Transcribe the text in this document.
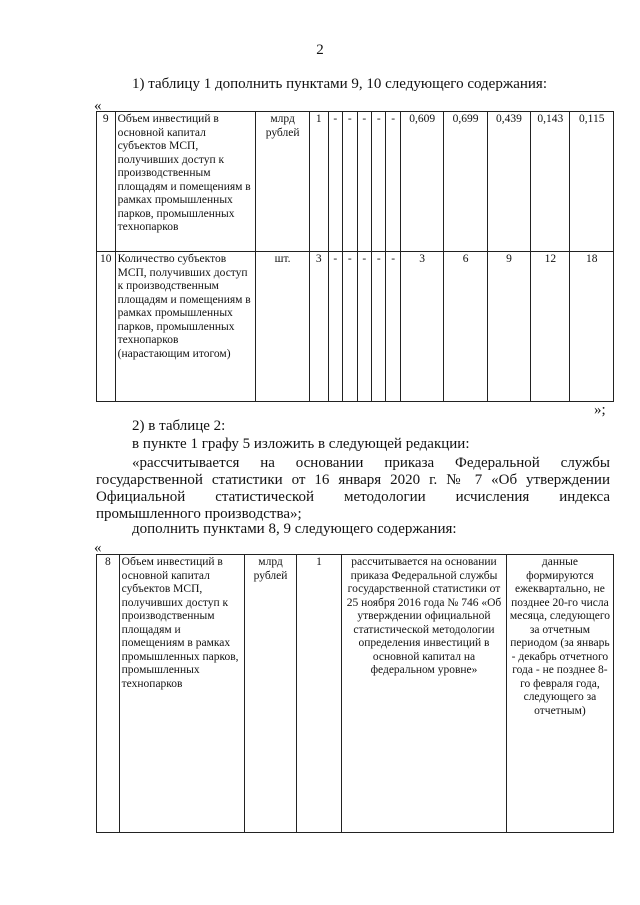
2
1) таблицу 1 дополнить пунктами 9, 10 следующего содержания:
«
9	Объем инвестиций в основной капитал субъектов МСП, получивших доступ к производственным площадям и помещениям в рамках промышленных парков, промышленных технопарков	млрд рублей	1	-	-	-	-	-	0,609	0,699	0,439	0,143	0,115
10	Количество субъектов МСП, получивших доступ к производственным площадям и помещениям в рамках промышленных парков, промышленных технопарков (нарастающим итогом)	шт.	3	-	-	-	-	-	3	6	9	12	18
»;
2) в таблице 2:
в пункте 1 графу 5 изложить в следующей редакции:
«рассчитывается на основании приказа Федеральной службы государственной статистики от 16 января 2020 г. № 7 «Об утверждении Официальной статистической методологии исчисления индекса промышленного производства»;
дополнить пунктами 8, 9 следующего содержания:
«
8	Объем инвестиций в основной капитал субъектов МСП, получивших доступ к производственным площадям и помещениям в рамках промышленных парков, промышленных технопарков	млрд рублей	1	рассчитывается на основании приказа Федеральной службы государственной статистики от 25 ноября 2016 года № 746 «Об утверждении официальной статистической методологии определения инвестиций в основной капитал на федеральном уровне»	данные формируются ежеквартально, не позднее 20-го числа месяца, следующего за отчетным периодом (за январь - декабрь отчетного года - не позднее 8-го февраля года, следующего за отчетным)
